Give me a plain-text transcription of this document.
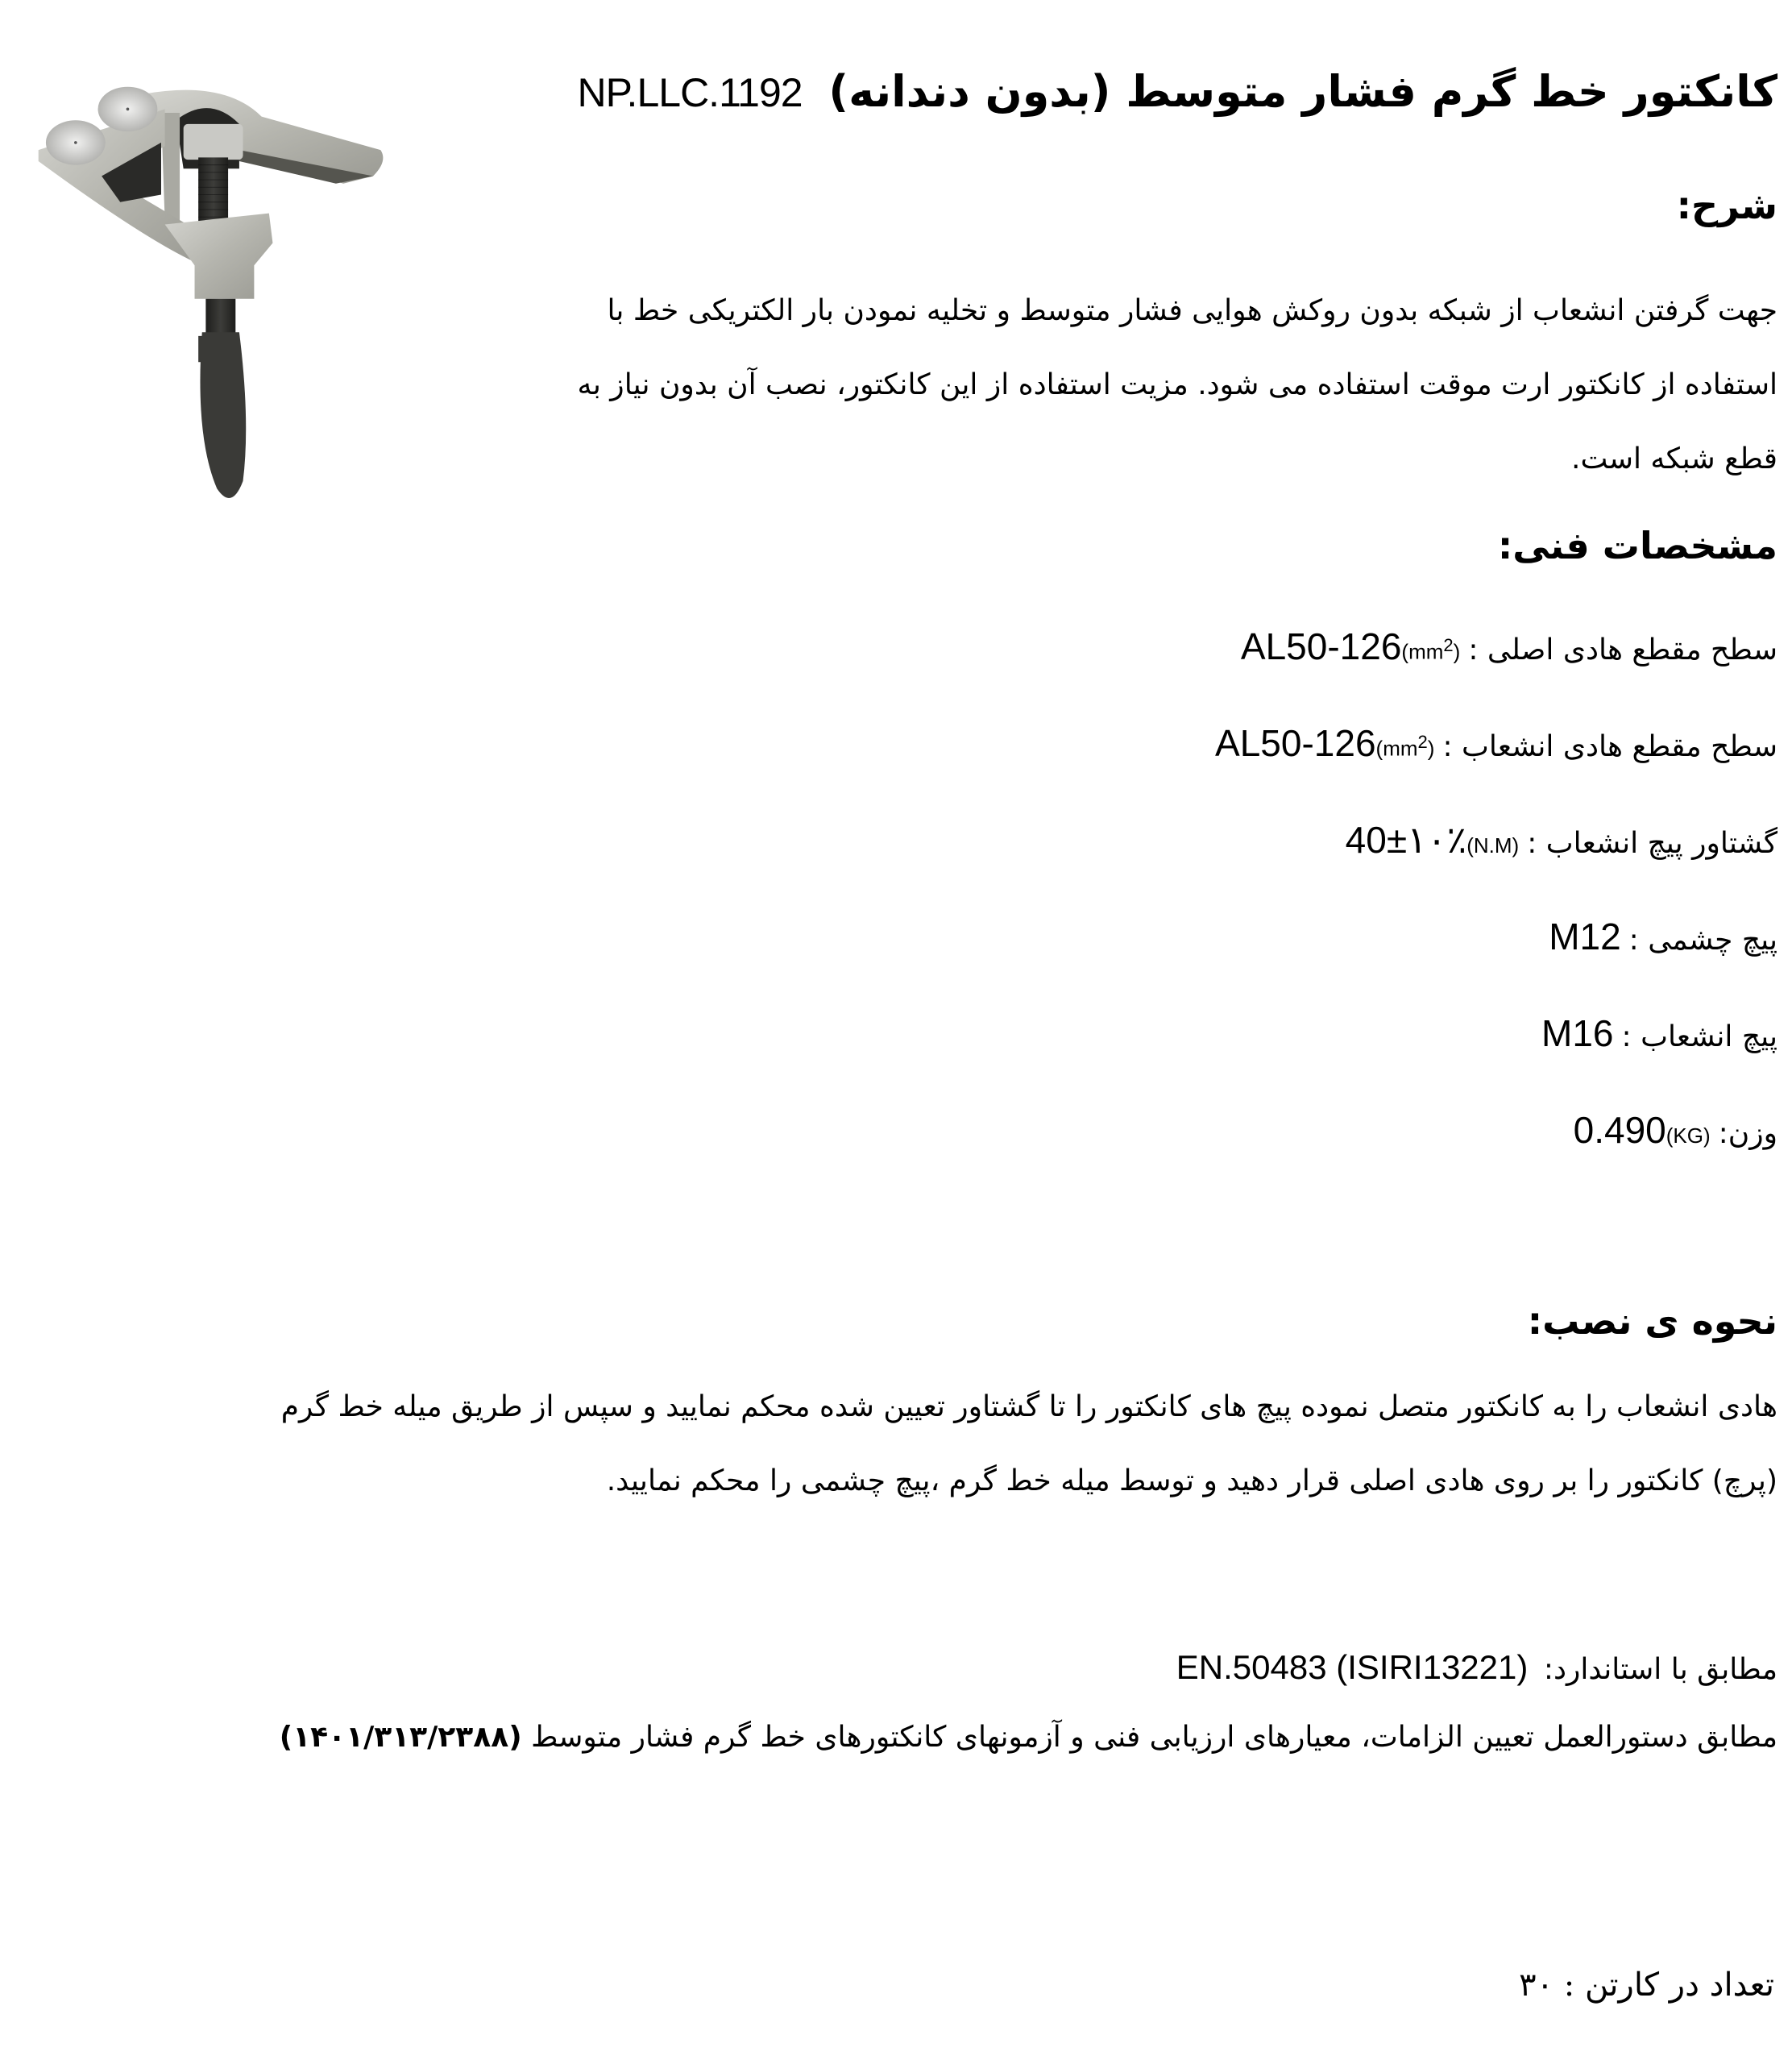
کانکتور خط گرم فشار متوسط (بدون دندانه) NP.LLC.1192
شرح:
جهت گرفتن انشعاب از شبکه بدون روکش هوایی فشار متوسط و تخلیه نمودن بار الکتریکی خط با
استفاده از کانکتور ارت موقت استفاده می شود. مزیت استفاده از این کانکتور، نصب آن بدون نیاز به
قطع شبکه است.
مشخصات فنی:
سطح مقطع هادی اصلی :
AL50-126 $(mm^2)$
سطح مقطع هادی انشعاب :
AL50-126 $(mm^2)$
گشتاور پیچ انشعاب :
40±۱۰٪ (N.M)
پیچ چشمی :
M12
پیچ انشعاب :
M16
وزن:
0.490 (KG)
نحوه ی نصب:
هادی انشعاب را به کانکتور متصل نموده پیچ های کانکتور را تا گشتاور تعیین شده محکم نمایید و سپس از طریق میله خط گرم
(پرچ) کانکتور را بر روی هادی اصلی قرار دهید و توسط میله خط گرم ،پیچ چشمی را محکم نمایید.
مطابق با استاندارد: EN.50483 (ISIRI13221)
مطابق دستورالعمل تعیین الزامات، معیارهای ارزیابی فنی و آزمونهای کانکتورهای خط گرم فشار متوسط (۱۴۰۱/۳۱۳/۲۳۸۸)
تعداد در کارتن : ۳۰
